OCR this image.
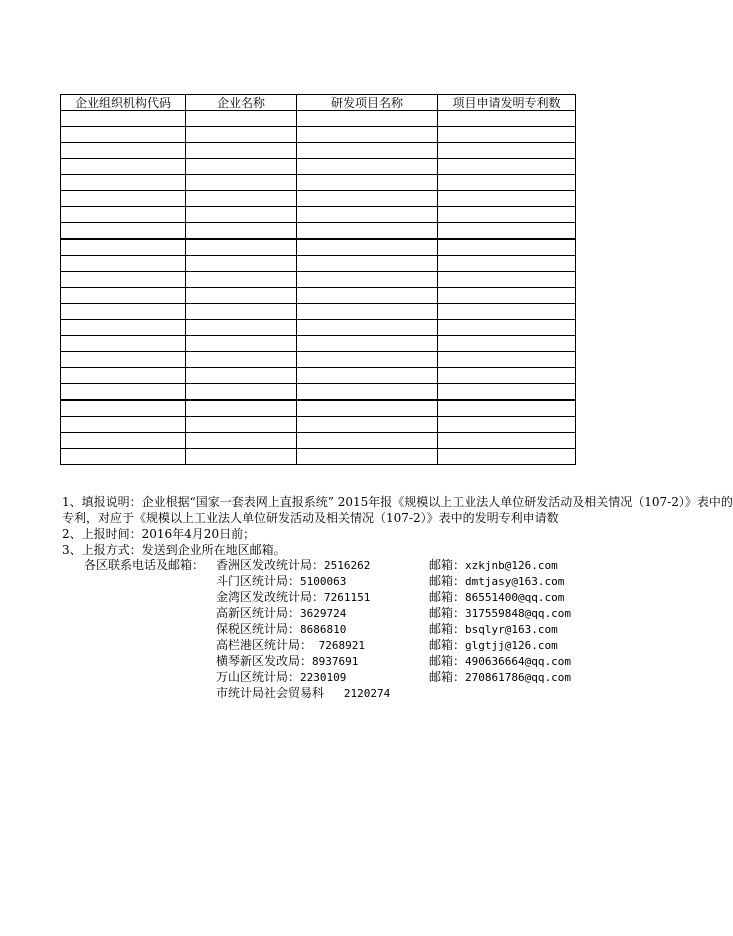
企业组织机构代码	企业名称	研发项目名称	项目申请发明专利数

1、填报说明：企业根据“国家一套表网上直报系统” 2015年报《规模以上工业法人单位研发活动及相关情况（107-2）》表中的
专利，对应于《规模以上工业法人单位研发活动及相关情况（107-2）》表中的发明专利申请数
2、上报时间：2016年4月20日前；
3、上报方式：发送到企业所在地区邮箱。
各区联系电话及邮箱： 香洲区发改统计局：2516262	邮箱：xzkjnb@126.com
斗门区统计局：5100063	邮箱：dmtjasy@163.com
金湾区发改统计局：7261151	邮箱：86551400@qq.com
高新区统计局：3629724	邮箱：317559848@qq.com
保税区统计局：8686810	邮箱：bsqlyr@163.com
高栏港区统计局： 7268921	邮箱：glgtjj@126.com
横琴新区发改局：8937691	邮箱：490636664@qq.com
万山区统计局：2230109	邮箱：270861786@qq.com
市统计局社会贸易科   2120274
